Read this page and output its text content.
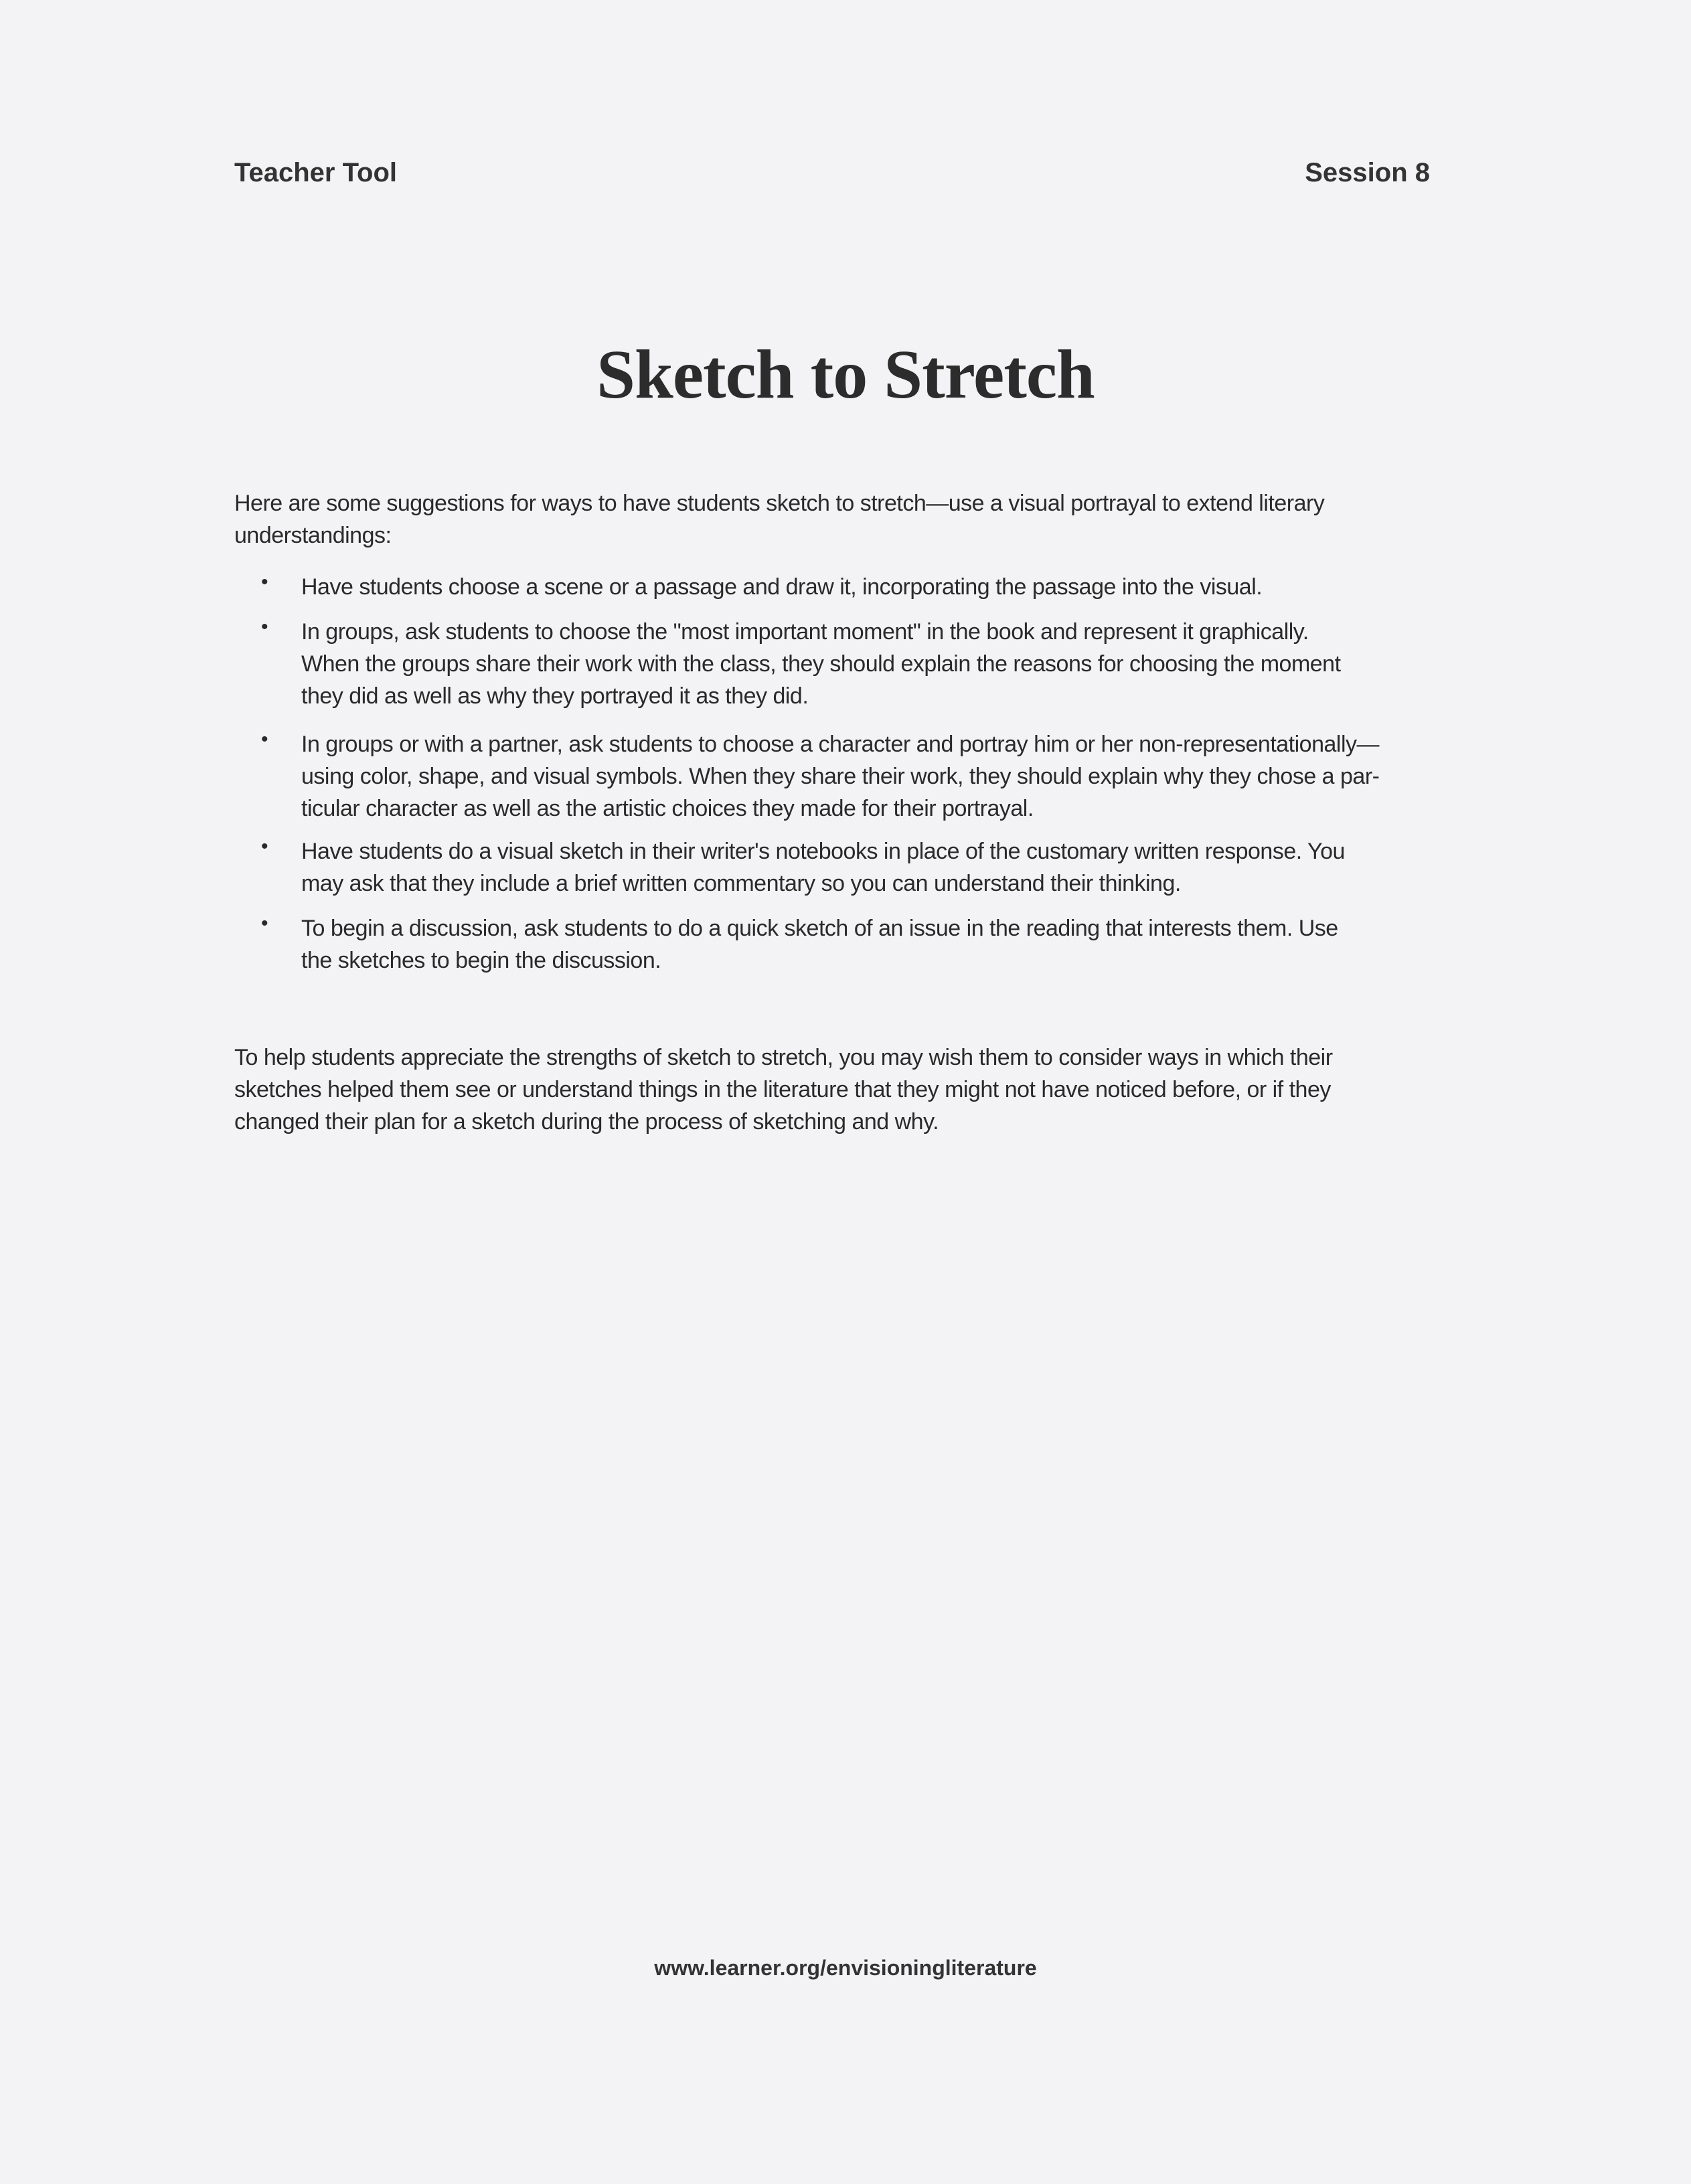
Teacher Tool	Session 8
Sketch to Stretch
Here are some suggestions for ways to have students sketch to stretch—use a visual portrayal to extend literary
understandings:
• Have students choose a scene or a passage and draw it, incorporating the passage into the visual.
• In groups, ask students to choose the "most important moment" in the book and represent it graphically.
When the groups share their work with the class, they should explain the reasons for choosing the moment
they did as well as why they portrayed it as they did.
• In groups or with a partner, ask students to choose a character and portray him or her non-representationally—
using color, shape, and visual symbols. When they share their work, they should explain why they chose a par-
ticular character as well as the artistic choices they made for their portrayal.
• Have students do a visual sketch in their writer's notebooks in place of the customary written response. You
may ask that they include a brief written commentary so you can understand their thinking.
• To begin a discussion, ask students to do a quick sketch of an issue in the reading that interests them. Use
the sketches to begin the discussion.
To help students appreciate the strengths of sketch to stretch, you may wish them to consider ways in which their
sketches helped them see or understand things in the literature that they might not have noticed before, or if they
changed their plan for a sketch during the process of sketching and why.
www.learner.org/envisioningliterature
